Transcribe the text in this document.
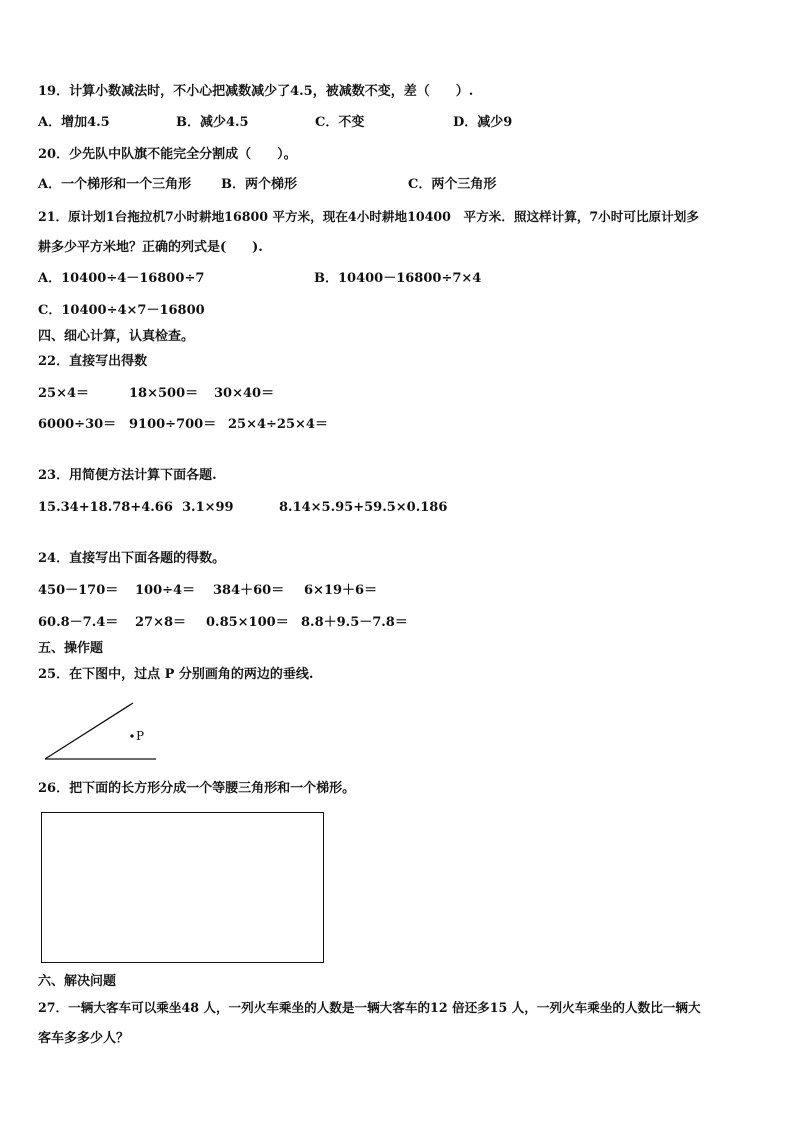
19．计算小数减法时，不小心把减数减少了4.5，被减数不变，差（　　）.
A．增加4.5	B．减少4.5	C．不变	D．减少9
20．少先队中队旗不能完全分割成（　　）。
A．一个梯形和一个三角形 B．两个梯形	C．两个三角形
21．原计划1台拖拉机7小时耕地16800 平方米，现在4小时耕地10400　平方米．照这样计算，7小时可比原计划多
耕多少平方米地？正确的列式是(　　).
A．10400÷4－16800÷7	B．10400－16800÷7×4
C．10400÷4×7－16800
四、细心计算，认真检查。
22．直接写出得数
25×4＝	18×500＝ 30×40＝
6000÷30＝ 9100÷700＝ 25×4÷25×4＝
23．用简便方法计算下面各题.
15.34+18.78+4.66 3.1×99	8.14×5.95+59.5×0.186
24．直接写出下面各题的得数。
450－170＝ 100÷4＝ 384＋60＝ 6×19＋6＝
60.8－7.4＝ 27×8＝ 0.85×100＝ 8.8＋9.5－7.8＝
五、操作题
25．在下图中，过点 P 分别画角的两边的垂线.
P
26．把下面的长方形分成一个等腰三角形和一个梯形。
六、解决问题
27．一辆大客车可以乘坐48 人，一列火车乘坐的人数是一辆大客车的12 倍还多15 人，一列火车乘坐的人数比一辆大
客车多多少人？
